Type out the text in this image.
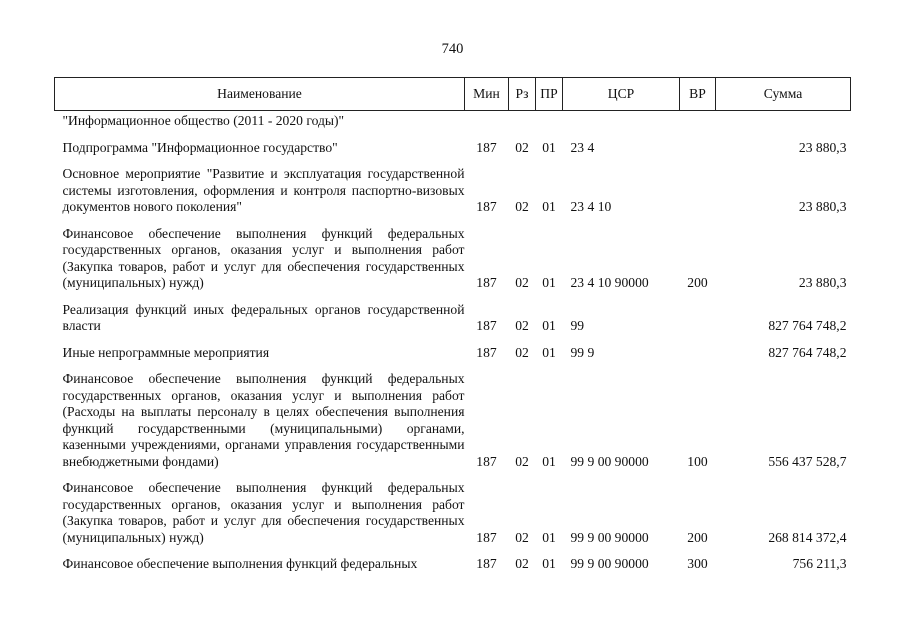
740
Наименование	Мин	Рз	ПР	ЦСР	ВР	Сумма
"Информационное общество (2011 - 2020 годы)"						

Подпрограмма "Информационное государство"	187	02	01	23 4		23 880,3

Основное мероприятие "Развитие и эксплуатация государственной системы изготовления, оформления и контроля паспортно-визовых документов нового поколения"	187	02	01	23 4 10		23 880,3

Финансовое обеспечение выполнения функций федеральных государственных органов, оказания услуг и выполнения работ (Закупка товаров, работ и услуг для обеспечения государственных (муниципальных) нужд)	187	02	01	23 4 10 90000	200	23 880,3

Реализация функций иных федеральных органов государственной власти	187	02	01	99		827 764 748,2

Иные непрограммные мероприятия	187	02	01	99 9		827 764 748,2

Финансовое обеспечение выполнения функций федеральных государственных органов, оказания услуг и выполнения работ (Расходы на выплаты персоналу в целях обеспечения выполнения функций государственными (муниципальными) органами, казенными учреждениями, органами управления государственными внебюджетными фондами)	187	02	01	99 9 00 90000	100	556 437 528,7

Финансовое обеспечение выполнения функций федеральных государственных органов, оказания услуг и выполнения работ (Закупка товаров, работ и услуг для обеспечения государственных (муниципальных) нужд)	187	02	01	99 9 00 90000	200	268 814 372,4

Финансовое обеспечение выполнения функций федеральных	187	02	01	99 9 00 90000	300	756 211,3
